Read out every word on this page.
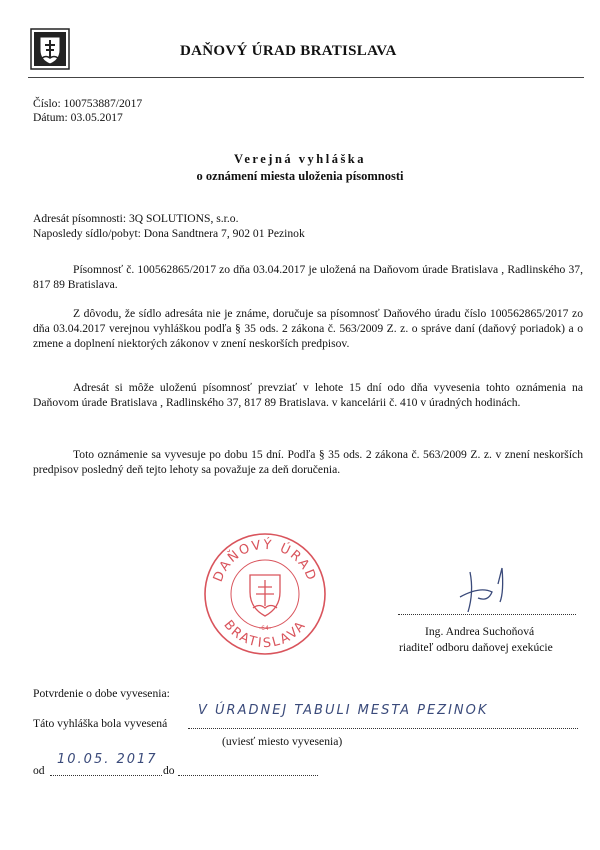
DAŇOVÝ ÚRAD BRATISLAVA
Číslo: 100753887/2017
Dátum: 03.05.2017
Verejná vyhláška
o oznámení miesta uloženia písomnosti
Adresát písomnosti: 3Q SOLUTIONS, s.r.o.
Naposledy sídlo/pobyt: Dona Sandtnera 7, 902 01 Pezinok
Písomnosť č. 100562865/2017 zo dňa 03.04.2017 je uložená na Daňovom úrade Bratislava , Radlinského 37, 817 89 Bratislava.
Z dôvodu, že sídlo adresáta nie je známe, doručuje sa písomnosť Daňového úradu číslo 100562865/2017 zo dňa 03.04.2017 verejnou vyhláškou podľa § 35 ods. 2 zákona č. 563/2009 Z. z. o správe daní (daňový poriadok) a o zmene a doplnení niektorých zákonov v znení neskorších predpisov.
Adresát si môže uloženú písomnosť prevziať v lehote 15 dní odo dňa vyvesenia tohto oznámenia na Daňovom úrade Bratislava , Radlinského 37, 817 89 Bratislava. v kancelárii č. 410 v úradných hodinách.
Toto oznámenie sa vyvesuje po dobu 15 dní. Podľa § 35 ods. 2 zákona č. 563/2009 Z. z. v znení neskorších predpisov posledný deň tejto lehoty sa považuje za deň doručenia.
DAŇOVÝ ÚRAD
BRATISLAVA
-64-	Ing. Andrea Suchoňová
riaditeľ odboru daňovej exekúcie
Potvrdenie o dobe vyvesenia:
Táto vyhláška bola vyvesená
V ÚRADNEJ TABULI MESTA PEZINOK
(uviesť miesto vyvesenia)
od
10.05. 2017
do
